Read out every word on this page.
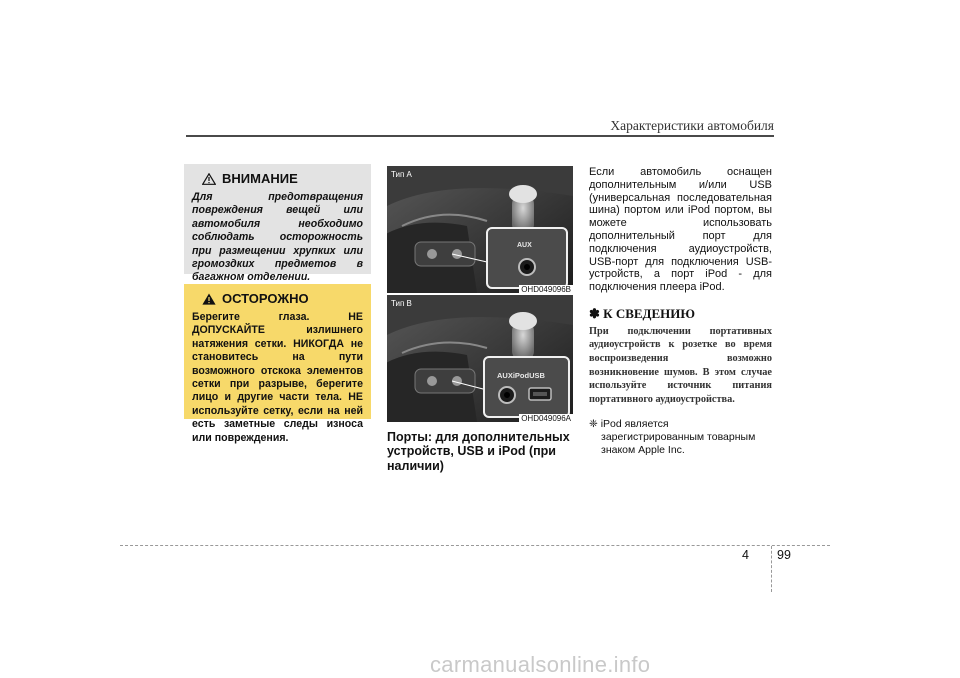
Характеристики автомобиля
ВНИМАНИЕ
Для предотвращения повреждения вещей или автомобиля необходимо соблюдать осторожность при размещении хрупких или громоздких предметов в багажном отделении.
ОСТОРОЖНО
Берегите глаза. НЕ ДОПУСКАЙТЕ излишнего натяжения сетки. НИКОГДА не становитесь на пути возможного отскока элементов сетки при разрыве, берегите лицо и другие части тела. НЕ используйте сетку, если на ней есть заметные следы износа или повреждения.
Тип A
AUX
OHD049096B
Тип B
AUXiPodUSB
OHD049096A
Порты: для дополнительных устройств, USB и iPod (при наличии)

Если автомобиль оснащен дополнительным и/или USB (универсальная последовательная шина) портом или iPod портом, вы можете использовать дополнительный порт для подключения аудиоустройств, USB-порт для подключения USB-устройств, а порт iPod - для подключения плеера iPod.

✽ К СВЕДЕНИЮ
При подключении портативных аудиоустройств к розетке во время воспроизведения возможно возникновение шумов. В этом случае используйте источник питания портативного аудиоустройства.
❈ iPod является зарегистрированным товарным знаком Apple Inc.
4 99
carmanualsonline.info
